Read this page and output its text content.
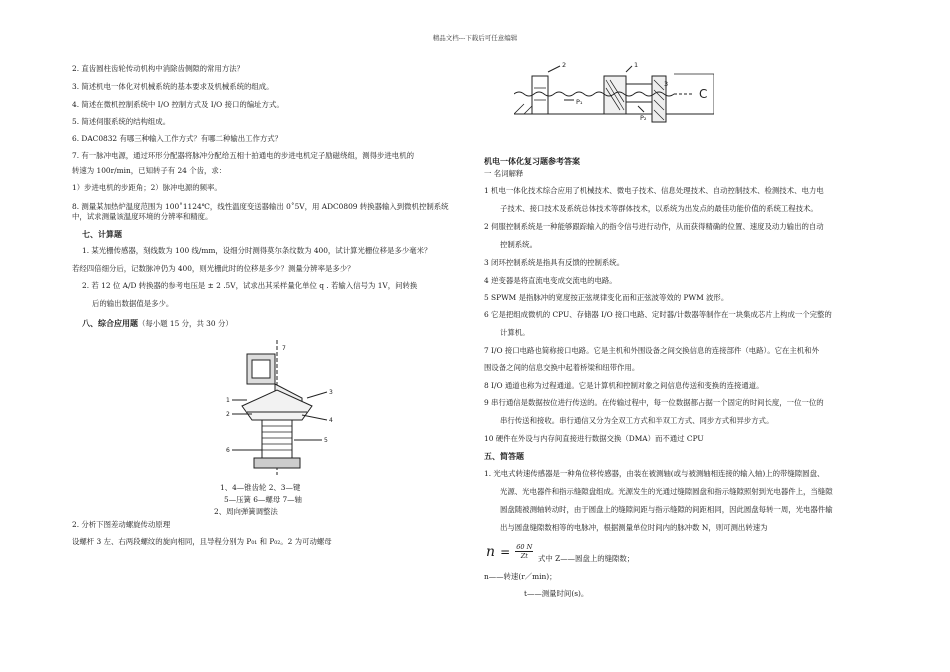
精品文档---下载后可任意编辑
2. 直齿圆柱齿轮传动机构中消除齿侧隙的常用方法？
3. 简述机电一体化对机械系统的基本要求及机械系统的组成。
4. 简述在微机控制系统中 I/O 控制方式及 I/O 接口的编址方式。
5. 简述伺服系统的结构组成。
6. DAC0832 有哪三种输入工作方式？有哪二种输出工作方式？
7. 有一脉冲电源，通过环形分配器将脉冲分配给五相十拍通电的步进电机定子励磁绕组，测得步进电机的
转速为 100r/min，已知转子有 24 个齿，求：
1）步进电机的步距角；2）脉冲电源的频率。
8. 测量某加热炉温度范围为 100˚1124℃，线性温度变送器输出 0˚5V，用 ADC0809 转换器输入到微机控制系统
中，试求测量该温度环境的分辨率和精度。
七、计算题
1. 某光栅传感器，刻线数为 100 线/mm，设细分时测得莫尔条纹数为 400，试计算光栅位移是多少毫米？
若经四倍细分后，记数脉冲仍为 400，则光栅此时的位移是多少？测量分辨率是多少？
2. 若 12 位 A/D 转换器的参考电压是 ± 2 .5V，试求出其采样量化单位 q . 若输入信号为 1V，问转换
后的输出数据值是多少。
八、综合应用题（每小题 15 分，共 30 分）
1
2
3
4
5
6
7
1、4—锥齿轮 2、3—键
5—压簧 6—螺母 7—轴
2、周向弹簧调整法
2. 分析下图差动螺旋传动原理
设螺杆 3 左、右两段螺纹的旋向相同，且导程分别为 P₀₁ 和 P₀₂。2 为可动螺母
2	1
P₁
P₂
3
C
机电一体化复习题参考答案
一 名词解释
1 机电一体化技术综合应用了机械技术、微电子技术、信息处理技术、自动控制技术、检测技术、电力电
子技术、接口技术及系统总体技术等群体技术，以系统为出发点的最佳功能价值的系统工程技术。
2 伺服控制系统是一种能够跟踪输入的指令信号进行动作，从而获得精确的位置、速度及动力输出的自动
控制系统。
3 闭环控制系统是指具有反馈的控制系统。
4 逆变器是将直流电变成交流电的电路。
5 SPWM 是指脉冲的宽度按正弦规律变化而和正弦波等效的 PWM 波形。
6 它是把组成微机的 CPU、存储器 I/O 接口电路、定时器/计数器等制作在一块集成芯片上构成一个完整的
计算机。
7 I/O 接口电路也简称接口电路。它是主机和外围设备之间交换信息的连接部件（电路）。它在主机和外
围设备之间的信息交换中起着桥梁和纽带作用。
8 I/O 通道也称为过程通道。它是计算机和控制对象之间信息传送和变换的连接通道。
9 串行通信是数据按位进行传送的。在传输过程中，每一位数据都占据一个固定的时间长度，一位一位的
串行传送和接收。串行通信又分为全双工方式和半双工方式、同步方式和异步方式。
10 硬件在外设与内存间直接进行数据交换（DMA）而不通过 CPU
五、简答题
1. 光电式转速传感器是一种角位移传感器，由装在被测轴(或与被测轴相连接的输入轴)上的带缝隙圆盘、
光源、光电器件和指示缝隙盘组成。光源发生的光通过缝隙圆盘和指示缝隙照射到光电器件上，当缝隙
圆盘随被测轴转动时，由于圆盘上的缝隙间距与指示缝隙的间距相同，因此圆盘每转一周，光电器件输
出与圆盘缝隙数相等的电脉冲，根据测量单位时间内的脉冲数 N，则可测出转速为
$n = \frac{60 N}{Zt}$ 式中 Z——圆盘上的缝隙数；
n——转速(r／min)；
t——测量时间(s)。
